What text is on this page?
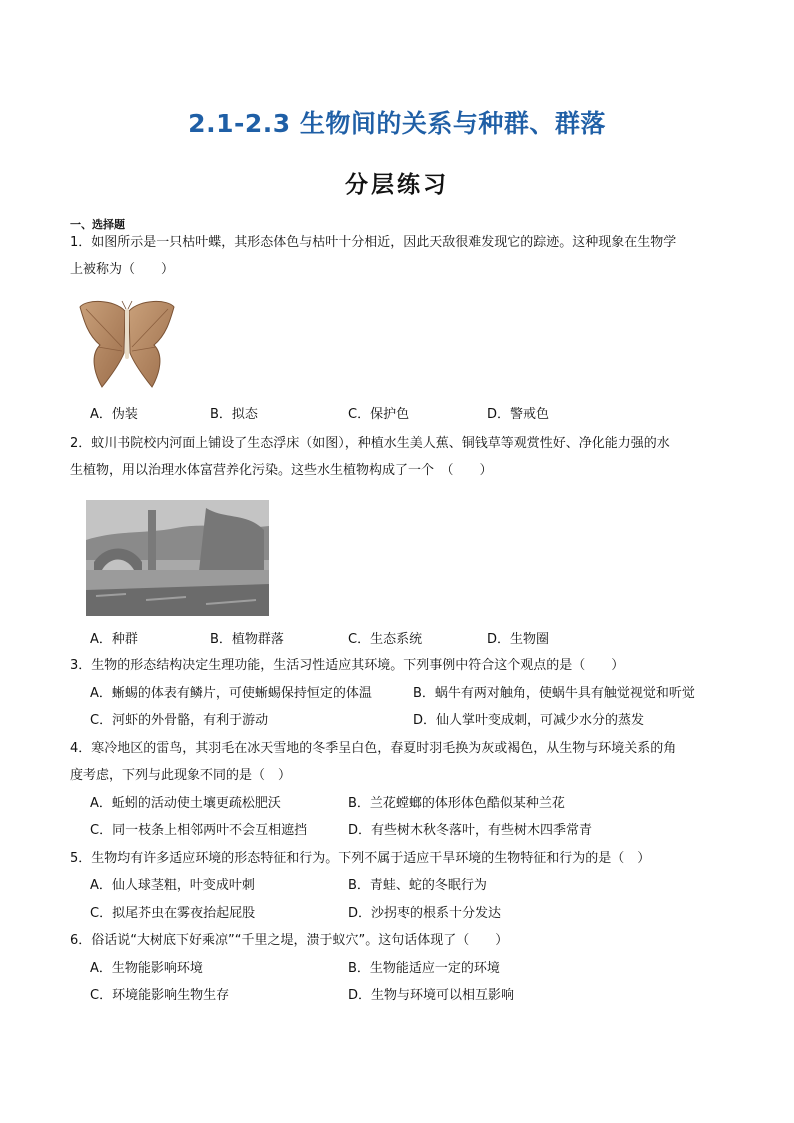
2.1-2.3 生物间的关系与种群、群落
分层练习
一、选择题
1．如图所示是一只枯叶蝶，其形态体色与枯叶十分相近，因此天敌很难发现它的踪迹。这种现象在生物学
上被称为（　　）
A．伪装	B．拟态	C．保护色	D．警戒色
2．蚊川书院校内河面上铺设了生态浮床（如图），种植水生美人蕉、铜钱草等观赏性好、净化能力强的水
生植物，用以治理水体富营养化污染。这些水生植物构成了一个　（　　）
A．种群	B．植物群落	C．生态系统	D．生物圈
3．生物的形态结构决定生理功能，生活习性适应其环境。下列事例中符合这个观点的是（　　）
A．蜥蜴的体表有鳞片，可使蜥蜴保持恒定的体温	B．蜗牛有两对触角，使蜗牛具有触觉视觉和听觉
C．河虾的外骨骼，有利于游动	D．仙人掌叶变成刺，可减少水分的蒸发
4．寒冷地区的雷鸟，其羽毛在冰天雪地的冬季呈白色，春夏时羽毛换为灰或褐色，从生物与环境关系的角
度考虑，下列与此现象不同的是（　）
A．蚯蚓的活动使土壤更疏松肥沃	B．兰花螳螂的体形体色酷似某种兰花
C．同一枝条上相邻两叶不会互相遮挡	D．有些树木秋冬落叶，有些树木四季常青
5．生物均有许多适应环境的形态特征和行为。下列不属于适应干旱环境的生物特征和行为的是（　）
A．仙人球茎粗，叶变成叶刺	B．青蛙、蛇的冬眠行为
C．拟尾芥虫在雾夜抬起屁股	D．沙拐枣的根系十分发达
6．俗话说“大树底下好乘凉”“千里之堤，溃于蚁穴”。这句话体现了（　　）
A．生物能影响环境	B．生物能适应一定的环境
C．环境能影响生物生存	D．生物与环境可以相互影响
